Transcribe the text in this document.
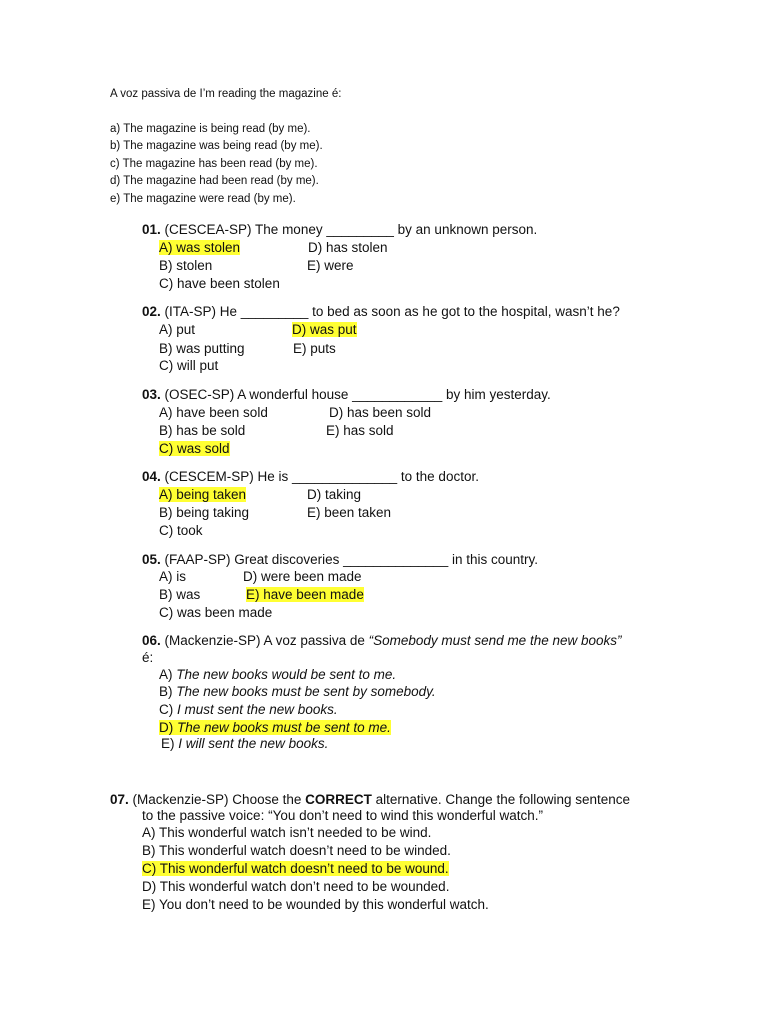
A voz passiva de I’m reading the magazine é:
a) The magazine is being read (by me).
b) The magazine was being read (by me).
c) The magazine has been read (by me).
d) The magazine had been read (by me).
e) The magazine were read (by me).
01. (CESCEA-SP) The money _________ by an unknown person.
A) was stolen	D) has stolen
B) stolen	E) were
C) have been stolen
02. (ITA-SP) He _________ to bed as soon as he got to the hospital, wasn’t he?
A) put	D) was put
B) was putting	E) puts
C) will put
03. (OSEC-SP) A wonderful house ____________ by him yesterday.
A) have been sold	D) has been sold
B) has be sold	E) has sold
C) was sold
04. (CESCEM-SP) He is ______________ to the doctor.
A) being taken	D) taking
B) being taking	E) been taken
C) took
05. (FAAP-SP) Great discoveries ______________ in this country.
A) is	D) were been made
B) was	E) have been made
C) was been made
06. (Mackenzie-SP) A voz passiva de “Somebody must send me the new books”
é:
A) The new books would be sent to me.
B) The new books must be sent by somebody.
C) I must sent the new books.
D) The new books must be sent to me.
E) I will sent the new books.
07. (Mackenzie-SP) Choose the CORRECT alternative. Change the following sentence
to the passive voice: “You don’t need to wind this wonderful watch.”
A) This wonderful watch isn’t needed to be wind.
B) This wonderful watch doesn’t need to be winded.
C) This wonderful watch doesn’t need to be wound.
D) This wonderful watch don’t need to be wounded.
E) You don’t need to be wounded by this wonderful watch.
